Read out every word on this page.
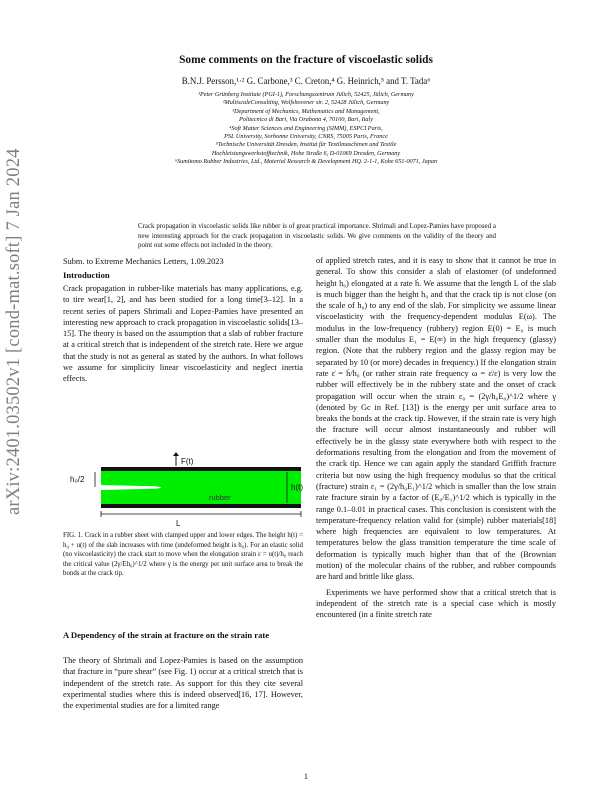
arXiv:2401.03502v1 [cond-mat.soft] 7 Jan 2024
Some comments on the fracture of viscoelastic solids
B.N.J. Persson,¹·² G. Carbone,³ C. Creton,⁴ G. Heinrich,⁵ and T. Tada⁶
¹Peter Grünberg Institute (PGI-1), Forschungszentrum Jülich, 52425, Jülich, Germany
²MultiscaleConsulting, Wolfshovener str. 2, 52428 Jülich, Germany
³Department of Mechanics, Mathematics and Management,
Politecnico di Bari, Via Orabona 4, 70100, Bari, Italy
⁴Soft Matter Sciences and Engineering (SIMM), ESPCI Paris,
PSL University, Sorbonne University, CNRS, 75005 Paris, France
⁵Technische Universität Dresden, Institut für Textilmaschinen und Textile
Hochleistungswerkstofftechnik, Hohe Straße 6, D-01069 Dresden, Germany
⁶Sumitomo Rubber Industries, Ltd., Material Research & Development HQ. 2-1-1, Kobe 651-0071, Japan
Crack propagation in viscoelastic solids like rubber is of great practical importance. Shrimali and Lopez-Pamies have proposed a new interesting approach for the crack propagation in viscoelastic solids. We give comments on the validity of the theory and point out some effects not included in the theory.
Subm. to Extreme Mechanics Letters, 1.09.2023
Introduction

Crack propagation in rubber-like materials has many applications, e.g. to tire wear[1, 2], and has been studied for a long time[3–12]. In a recent series of papers Shrimali and Lopez-Pamies have presented an interesting new approach to crack propagation in viscoelastic solids[13–15]. The theory is based on the assumption that a slab of rubber fracture at a critical stretch that is independent of the stretch rate. Here we argue that the study is not as general as stated by the authors. In what follows we assume for simplicity linear viscoelasticity and neglect inertia effects.

F(t)
h₀/2
h(t)
rubber
L
FIG. 1. Crack in a rubber sheet with clamped upper and lower edges. The height h(t) = h₀ + u(t) of the slab increases with time (undeformed height is h₀). For an elastic solid (no viscoelasticity) the crack start to move when the elongation strain ε = u(t)/h₀ reach the critical value (2γ/Eh₀)^1/2 where γ is the energy per unit surface area to break the bonds at the crack tip.
A Dependency of the strain at fracture on the strain rate
The theory of Shrimali and Lopez-Pamies is based on the assumption that fracture in “pure shear” (see Fig. 1) occur at a critical stretch that is independent of the stretch rate. As support for this they cite several experimental studies where this is indeed observed[16, 17]. However, the experimental studies are for a limited range

of applied stretch rates, and it is easy to show that it cannot be true in general. To show this consider a slab of elastomer (of undeformed height h₀) elongated at a rate ḣ. We assume that the length L of the slab is much bigger than the height h₀ and that the crack tip is not close (on the scale of h₀) to any end of the slab. For simplicity we assume linear viscoelasticity with the frequency-dependent modulus E(ω). The modulus in the low-frequency (rubbery) region E(0) = E₀ is much smaller than the modulus E₁ = E(∞) in the high frequency (glassy) region. (Note that the rubbery region and the glassy region may be separated by 10 (or more) decades in frequency.) If the elongation strain rate ε̇ = ḣ/h₀ (or rather strain rate frequency ω = ε̇/ε) is very low the rubber will effectively be in the rubbery state and the onset of crack propagation will occur when the strain ε₀ = (2γ/h₀E₀)^1/2 where γ (denoted by Gc in Ref. [13]) is the energy per unit surface area to breaks the bonds at the crack tip. However, if the strain rate is very high the fracture will occur almost instantaneously and rubber will effectively be in the glassy state everywhere both with respect to the deformations resulting from the elongation and from the movement of the crack tip. Hence we can again apply the standard Griffith fracture criteria but now using the high frequency modulus so that the critical (fracture) strain ε₁ = (2γ/h₀E₁)^1/2 which is smaller than the low strain rate fracture strain by a factor of (E₀/E₁)^1/2 which is typically in the range 0.1–0.01 in practical cases. This conclusion is consistent with the temperature-frequency relation valid for (simple) rubber materials[18] where high frequencies are equivalent to low temperatures. At temperatures below the glass transition temperature the time scale of deformation is typically much higher than that of the (Brownian motion) of the molecular chains of the rubber, and rubber compounds are hard and brittle like glass.

Experiments we have performed show that a critical stretch that is independent of the stretch rate is a special case which is mostly encountered (in a finite stretch rate

1
